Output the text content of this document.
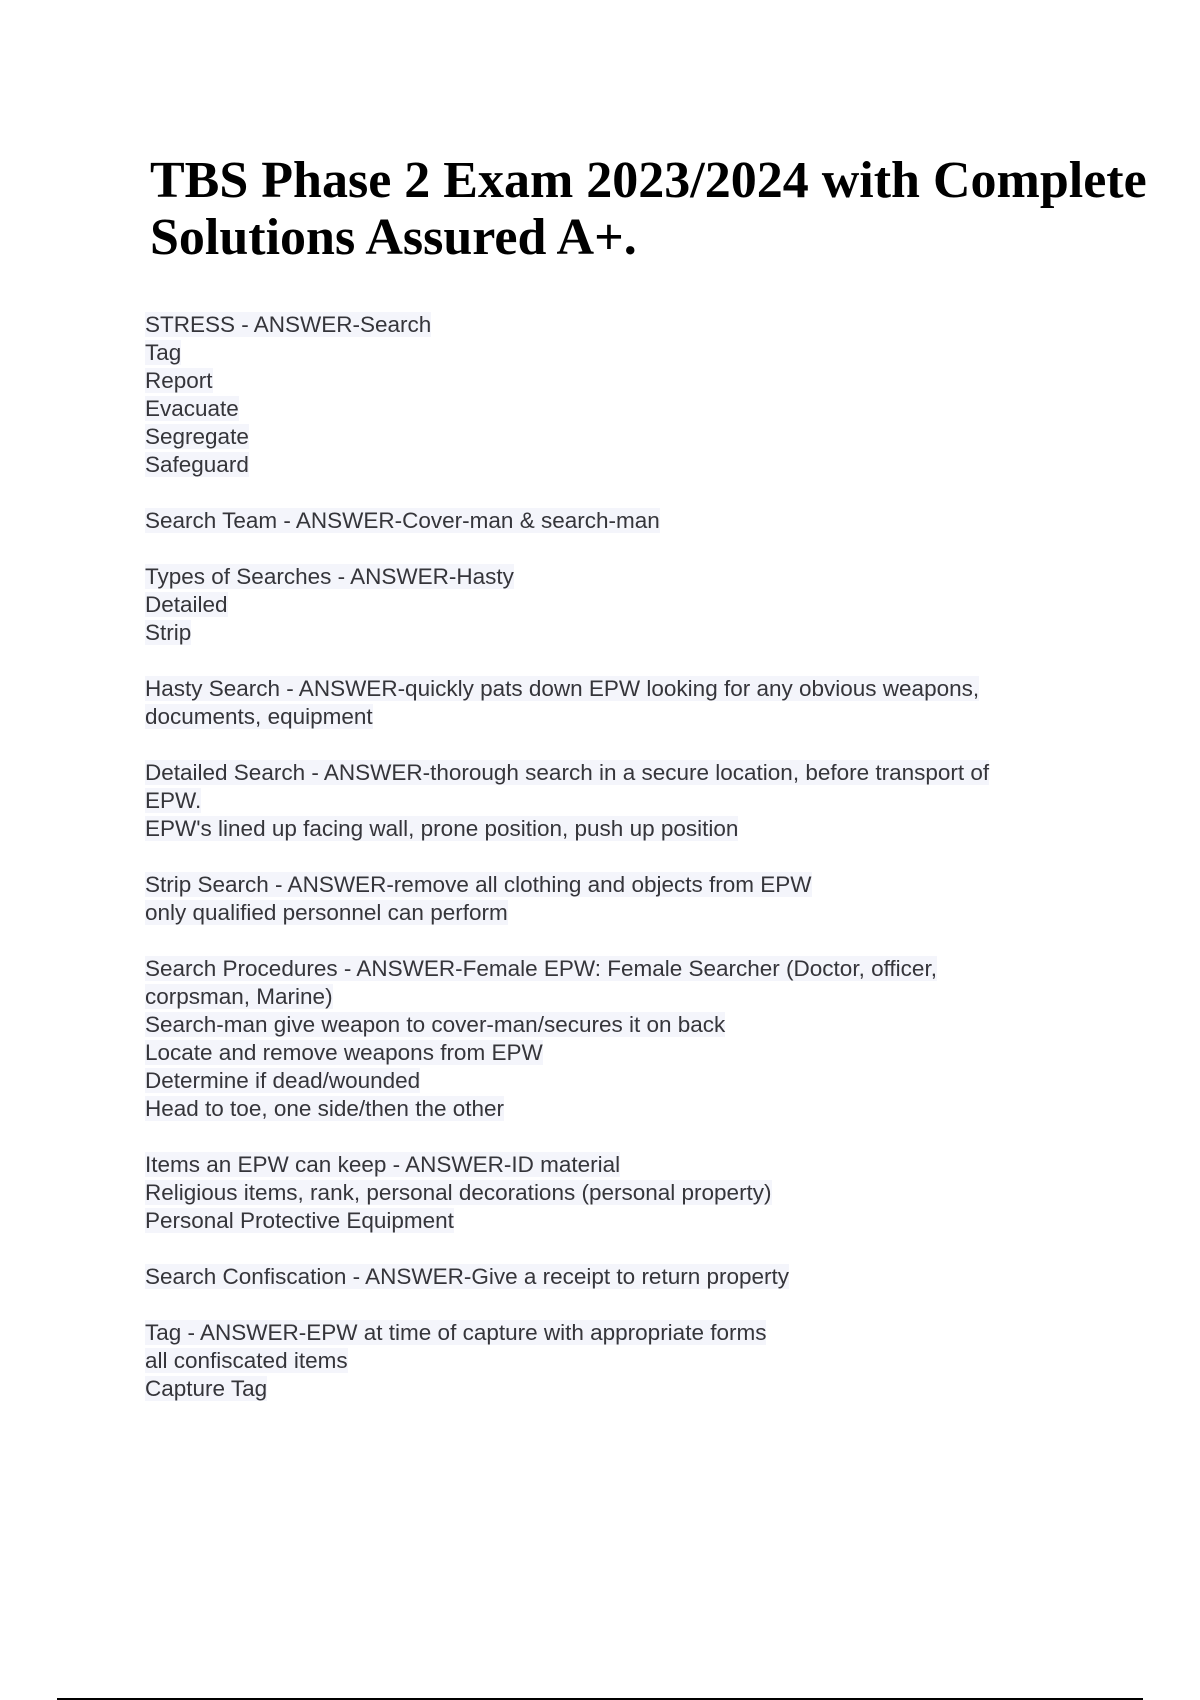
TBS Phase 2 Exam 2023/2024 with Complete
Solutions Assured A+.
STRESS - ANSWER-Search
Tag
Report
Evacuate
Segregate
Safeguard
Search Team - ANSWER-Cover-man & search-man
Types of Searches - ANSWER-Hasty
Detailed
Strip
Hasty Search - ANSWER-quickly pats down EPW looking for any obvious weapons,
documents, equipment
Detailed Search - ANSWER-thorough search in a secure location, before transport of
EPW.
EPW's lined up facing wall, prone position, push up position
Strip Search - ANSWER-remove all clothing and objects from EPW
only qualified personnel can perform
Search Procedures - ANSWER-Female EPW: Female Searcher (Doctor, officer,
corpsman, Marine)
Search-man give weapon to cover-man/secures it on back
Locate and remove weapons from EPW
Determine if dead/wounded
Head to toe, one side/then the other
Items an EPW can keep - ANSWER-ID material
Religious items, rank, personal decorations (personal property)
Personal Protective Equipment
Search Confiscation - ANSWER-Give a receipt to return property
Tag - ANSWER-EPW at time of capture with appropriate forms
all confiscated items
Capture Tag
